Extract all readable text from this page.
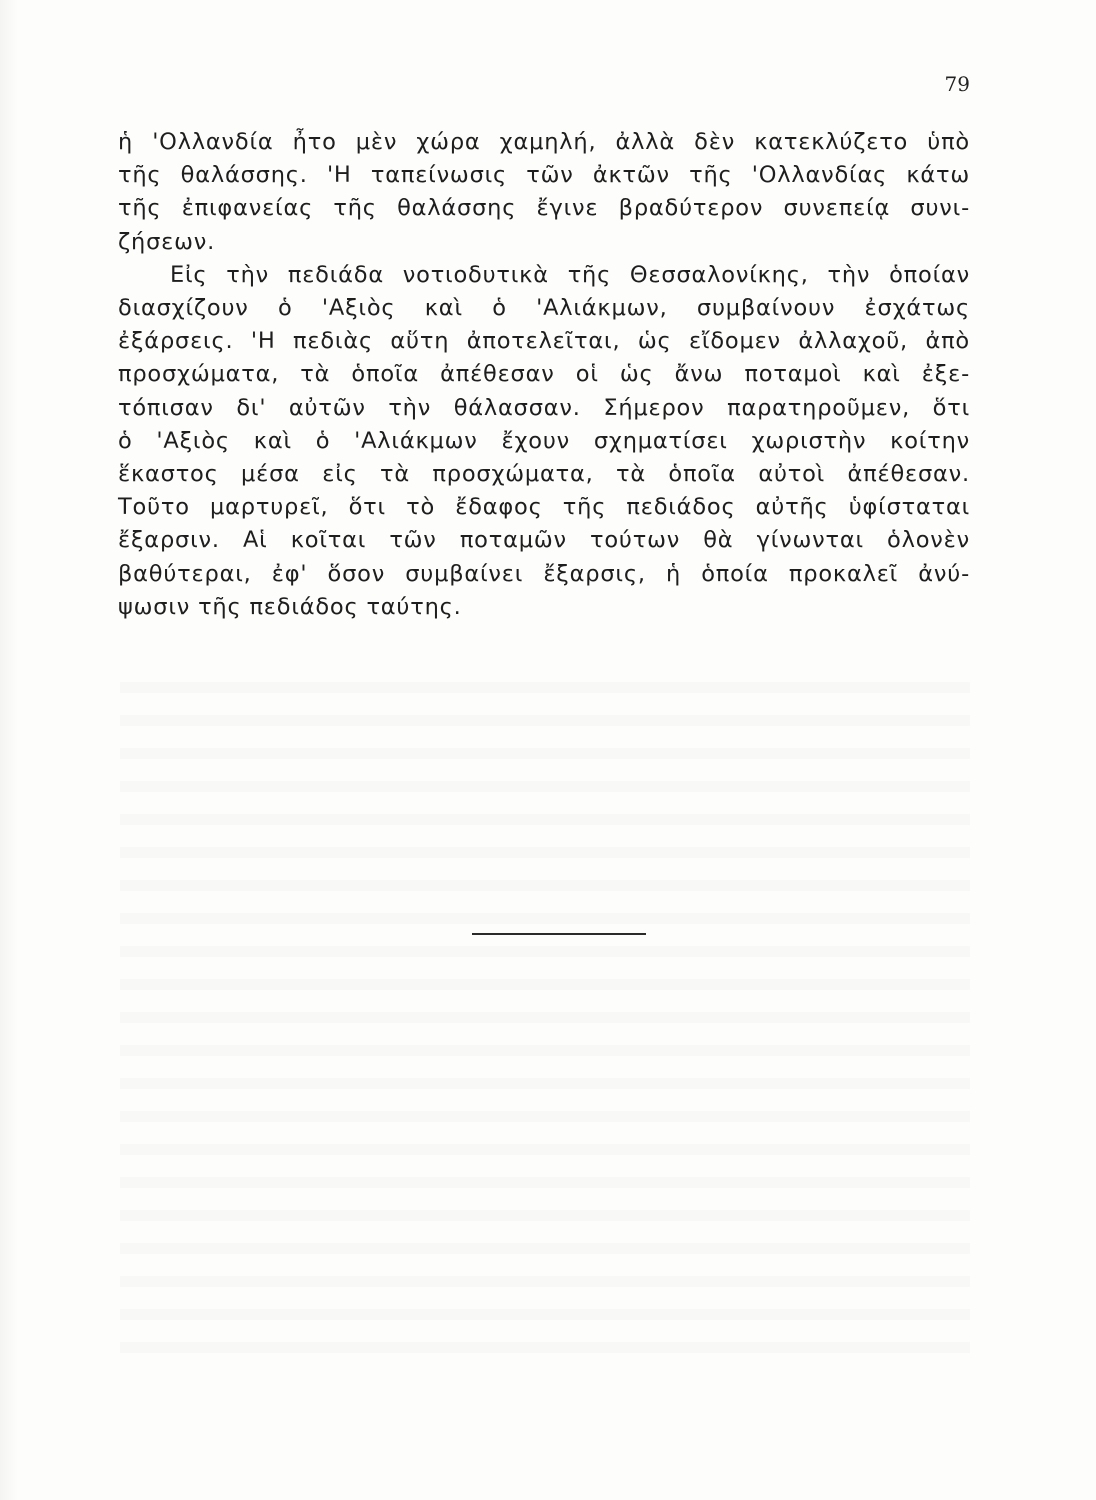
79
ἡ 'Ολλανδία ἦτο μὲν χώρα χαμηλή, ἀλλὰ δὲν κατεκλύζετο ὑπὸ
τῆς θαλάσσης. 'Η ταπείνωσις τῶν ἀκτῶν τῆς 'Ολλανδίας κάτω
τῆς ἐπιφανείας τῆς θαλάσσης ἔγινε βραδύτερον συνεπείᾳ συνι-
ζήσεων.
Εἰς τὴν πεδιάδα νοτιοδυτικὰ τῆς Θεσσαλονίκης, τὴν ὁποίαν
διασχίζουν ὁ 'Αξιὸς καὶ ὁ 'Αλιάκμων, συμβαίνουν ἐσχάτως
ἐξάρσεις. 'Η πεδιὰς αὕτη ἀποτελεῖται, ὡς εἴδομεν ἀλλαχοῦ, ἀπὸ
προσχώματα, τὰ ὁποῖα ἀπέθεσαν οἱ ὡς ἄνω ποταμοὶ καὶ ἐξε-
τόπισαν δι' αὐτῶν τὴν θάλασσαν. Σήμερον παρατηροῦμεν, ὅτι
ὁ 'Αξιὸς καὶ ὁ 'Αλιάκμων ἔχουν σχηματίσει χωριστὴν κοίτην
ἕκαστος μέσα εἰς τὰ προσχώματα, τὰ ὁποῖα αὐτοὶ ἀπέθεσαν.
Τοῦτο μαρτυρεῖ, ὅτι τὸ ἔδαφος τῆς πεδιάδος αὐτῆς ὑφίσταται
ἔξαρσιν. Αἱ κοῖται τῶν ποταμῶν τούτων θὰ γίνωνται ὁλονὲν
βαθύτεραι, ἐφ' ὅσον συμβαίνει ἔξαρσις, ἡ ὁποία προκαλεῖ ἀνύ-
ψωσιν τῆς πεδιάδος ταύτης.
